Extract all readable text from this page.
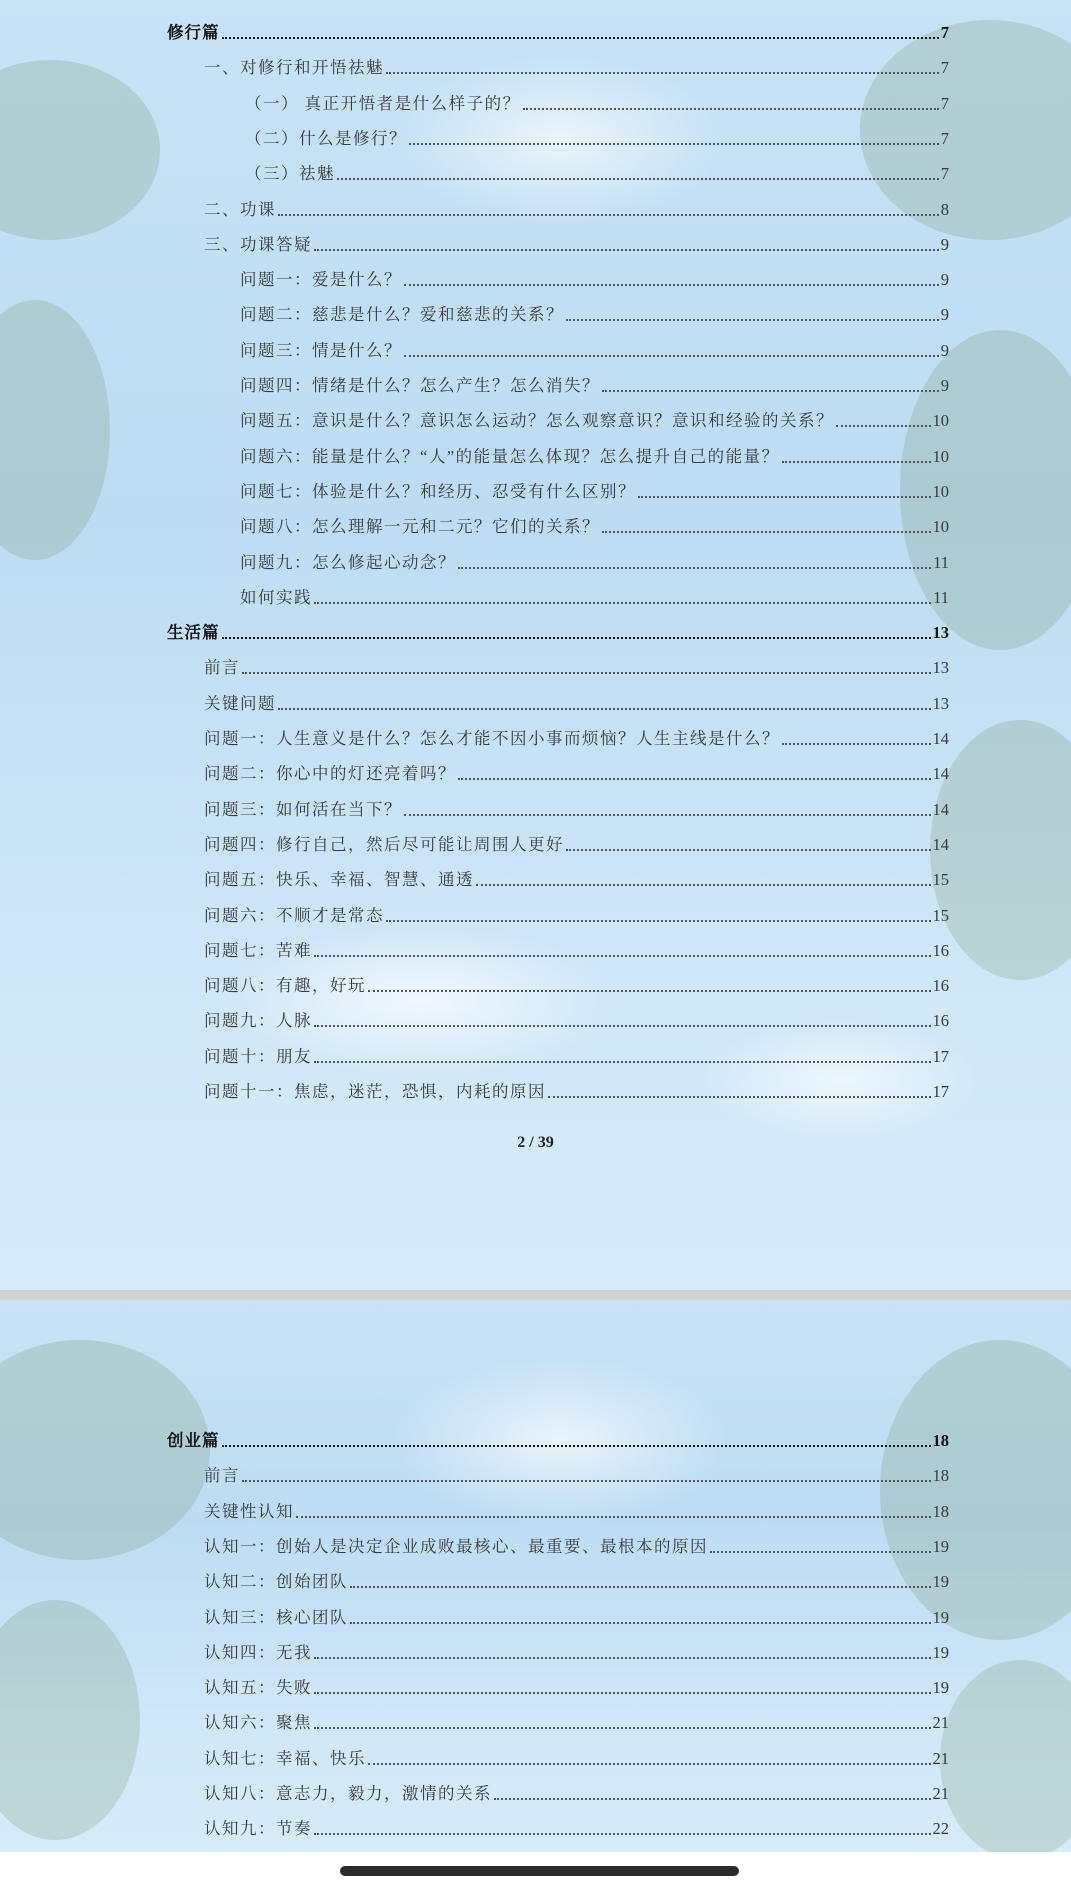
修行篇	7
一、对修行和开悟祛魅	7
（一） 真正开悟者是什么样子的？	7
（二）什么是修行？	7
（三）祛魅	7
二、功课	8
三、功课答疑	9
问题一：爱是什么？	9
问题二：慈悲是什么？爱和慈悲的关系？	9
问题三：情是什么？	9
问题四：情绪是什么？怎么产生？怎么消失？	9
问题五：意识是什么？意识怎么运动？怎么观察意识？意识和经验的关系？	10
问题六：能量是什么？“人”的能量怎么体现？怎么提升自己的能量？	10
问题七：体验是什么？和经历、忍受有什么区别？	10
问题八：怎么理解一元和二元？它们的关系？	10
问题九：怎么修起心动念？	11
如何实践	11
生活篇	13
前言	13
关键问题	13
问题一：人生意义是什么？怎么才能不因小事而烦恼？人生主线是什么？	14
问题二：你心中的灯还亮着吗？	14
问题三：如何活在当下？	14
问题四：修行自己，然后尽可能让周围人更好	14
问题五：快乐、幸福、智慧、通透	15
问题六：不顺才是常态	15
问题七：苦难	16
问题八：有趣，好玩	16
问题九：人脉	16
问题十：朋友	17
问题十一：焦虑，迷茫，恐惧，内耗的原因	17
2 / 39
创业篇	18
前言	18
关键性认知	18
认知一：创始人是决定企业成败最核心、最重要、最根本的原因	19
认知二：创始团队	19
认知三：核心团队	19
认知四：无我	19
认知五：失败	19
认知六：聚焦	21
认知七：幸福、快乐	21
认知八：意志力，毅力，激情的关系	21
认知九：节奏	22
